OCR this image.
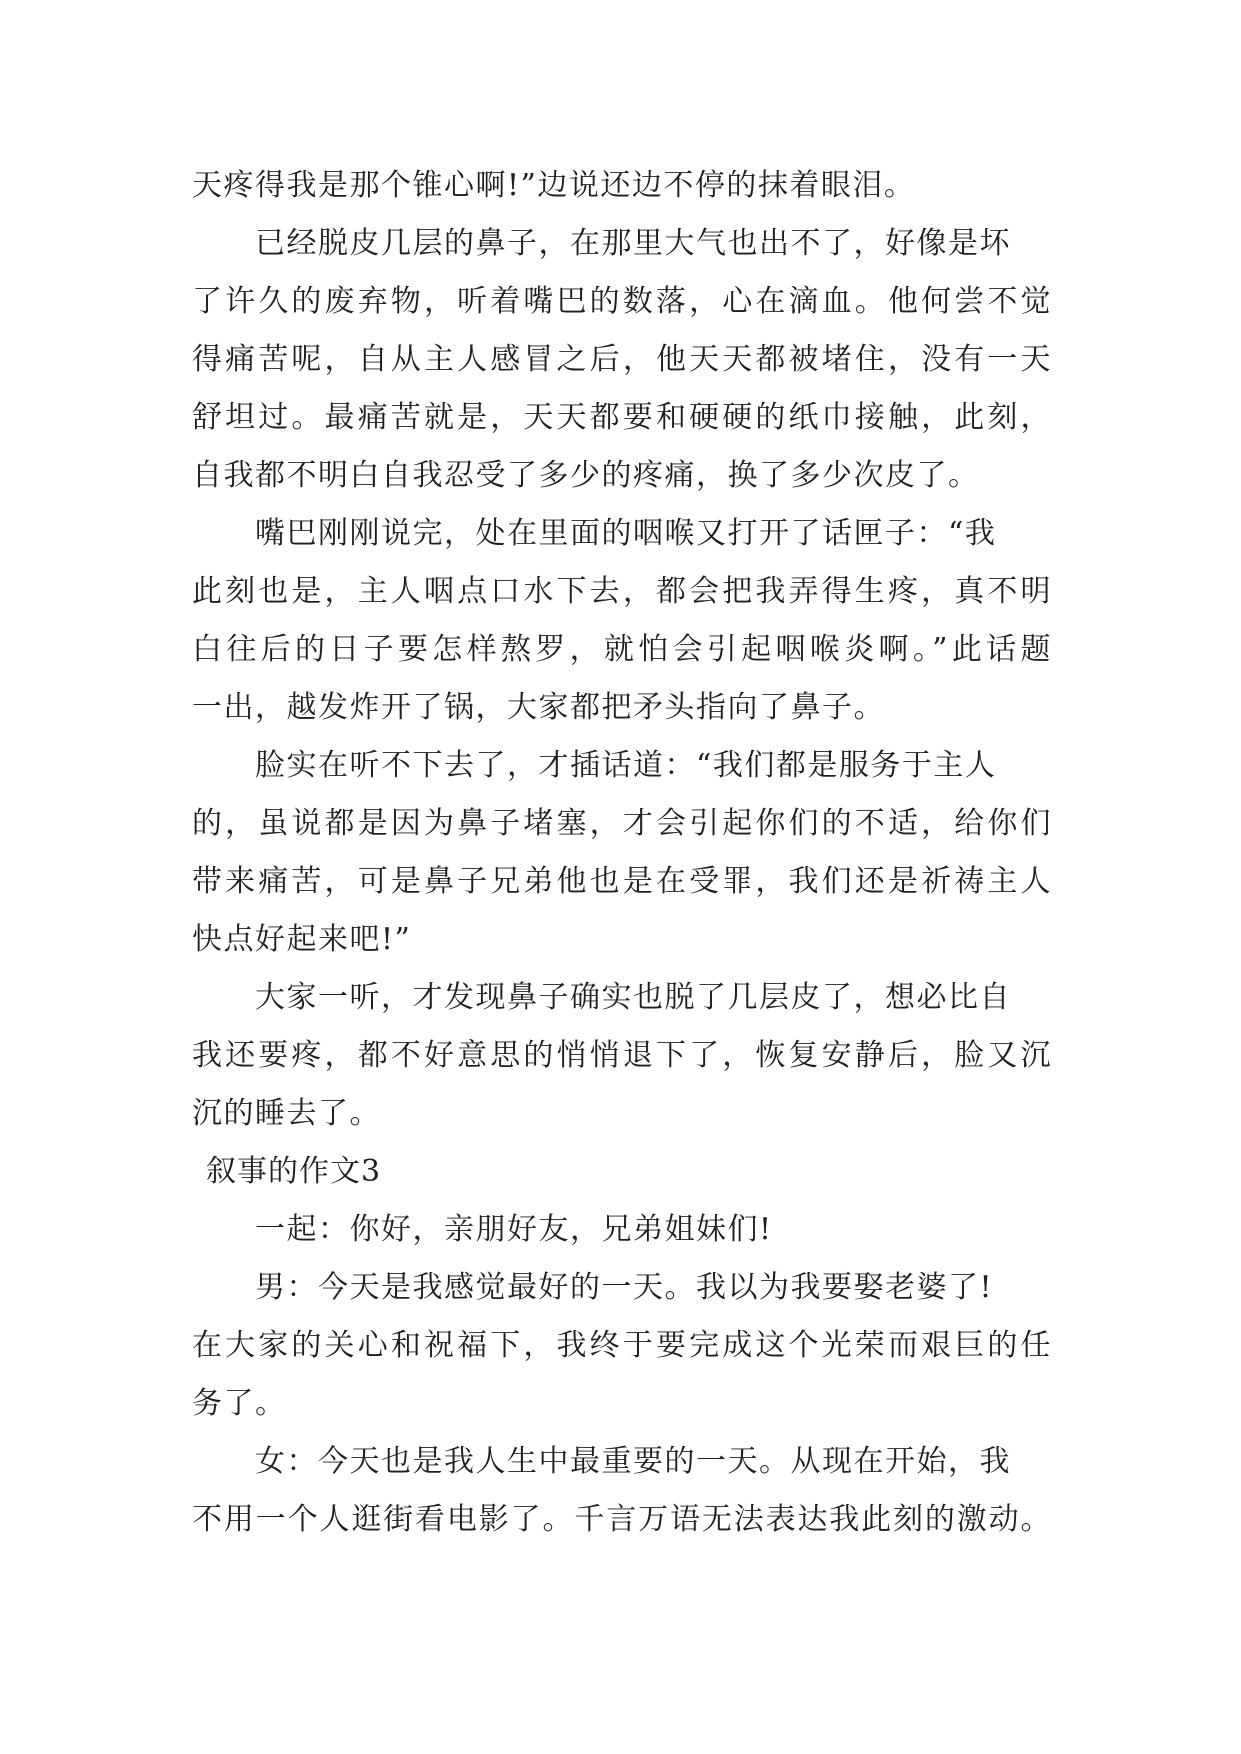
天疼得我是那个锥心啊!”边说还边不停的抹着眼泪。
已经脱皮几层的鼻子，在那里大气也出不了，好像是坏
了许久的废弃物，听着嘴巴的数落，心在滴血。他何尝不觉
得痛苦呢，自从主人感冒之后，他天天都被堵住，没有一天
舒坦过。最痛苦就是，天天都要和硬硬的纸巾接触，此刻，
自我都不明白自我忍受了多少的疼痛，换了多少次皮了。
嘴巴刚刚说完，处在里面的咽喉又打开了话匣子：“我
此刻也是，主人咽点口水下去，都会把我弄得生疼，真不明
白往后的日子要怎样熬罗，就怕会引起咽喉炎啊。”此话题
一出，越发炸开了锅，大家都把矛头指向了鼻子。
脸实在听不下去了，才插话道：“我们都是服务于主人
的，虽说都是因为鼻子堵塞，才会引起你们的不适，给你们
带来痛苦，可是鼻子兄弟他也是在受罪，我们还是祈祷主人
快点好起来吧!”
大家一听，才发现鼻子确实也脱了几层皮了，想必比自
我还要疼，都不好意思的悄悄退下了，恢复安静后，脸又沉
沉的睡去了。
叙事的作文3
一起：你好，亲朋好友，兄弟姐妹们!
男：今天是我感觉最好的一天。我以为我要娶老婆了!
在大家的关心和祝福下，我终于要完成这个光荣而艰巨的任
务了。
女：今天也是我人生中最重要的一天。从现在开始，我
不用一个人逛街看电影了。千言万语无法表达我此刻的激动。
